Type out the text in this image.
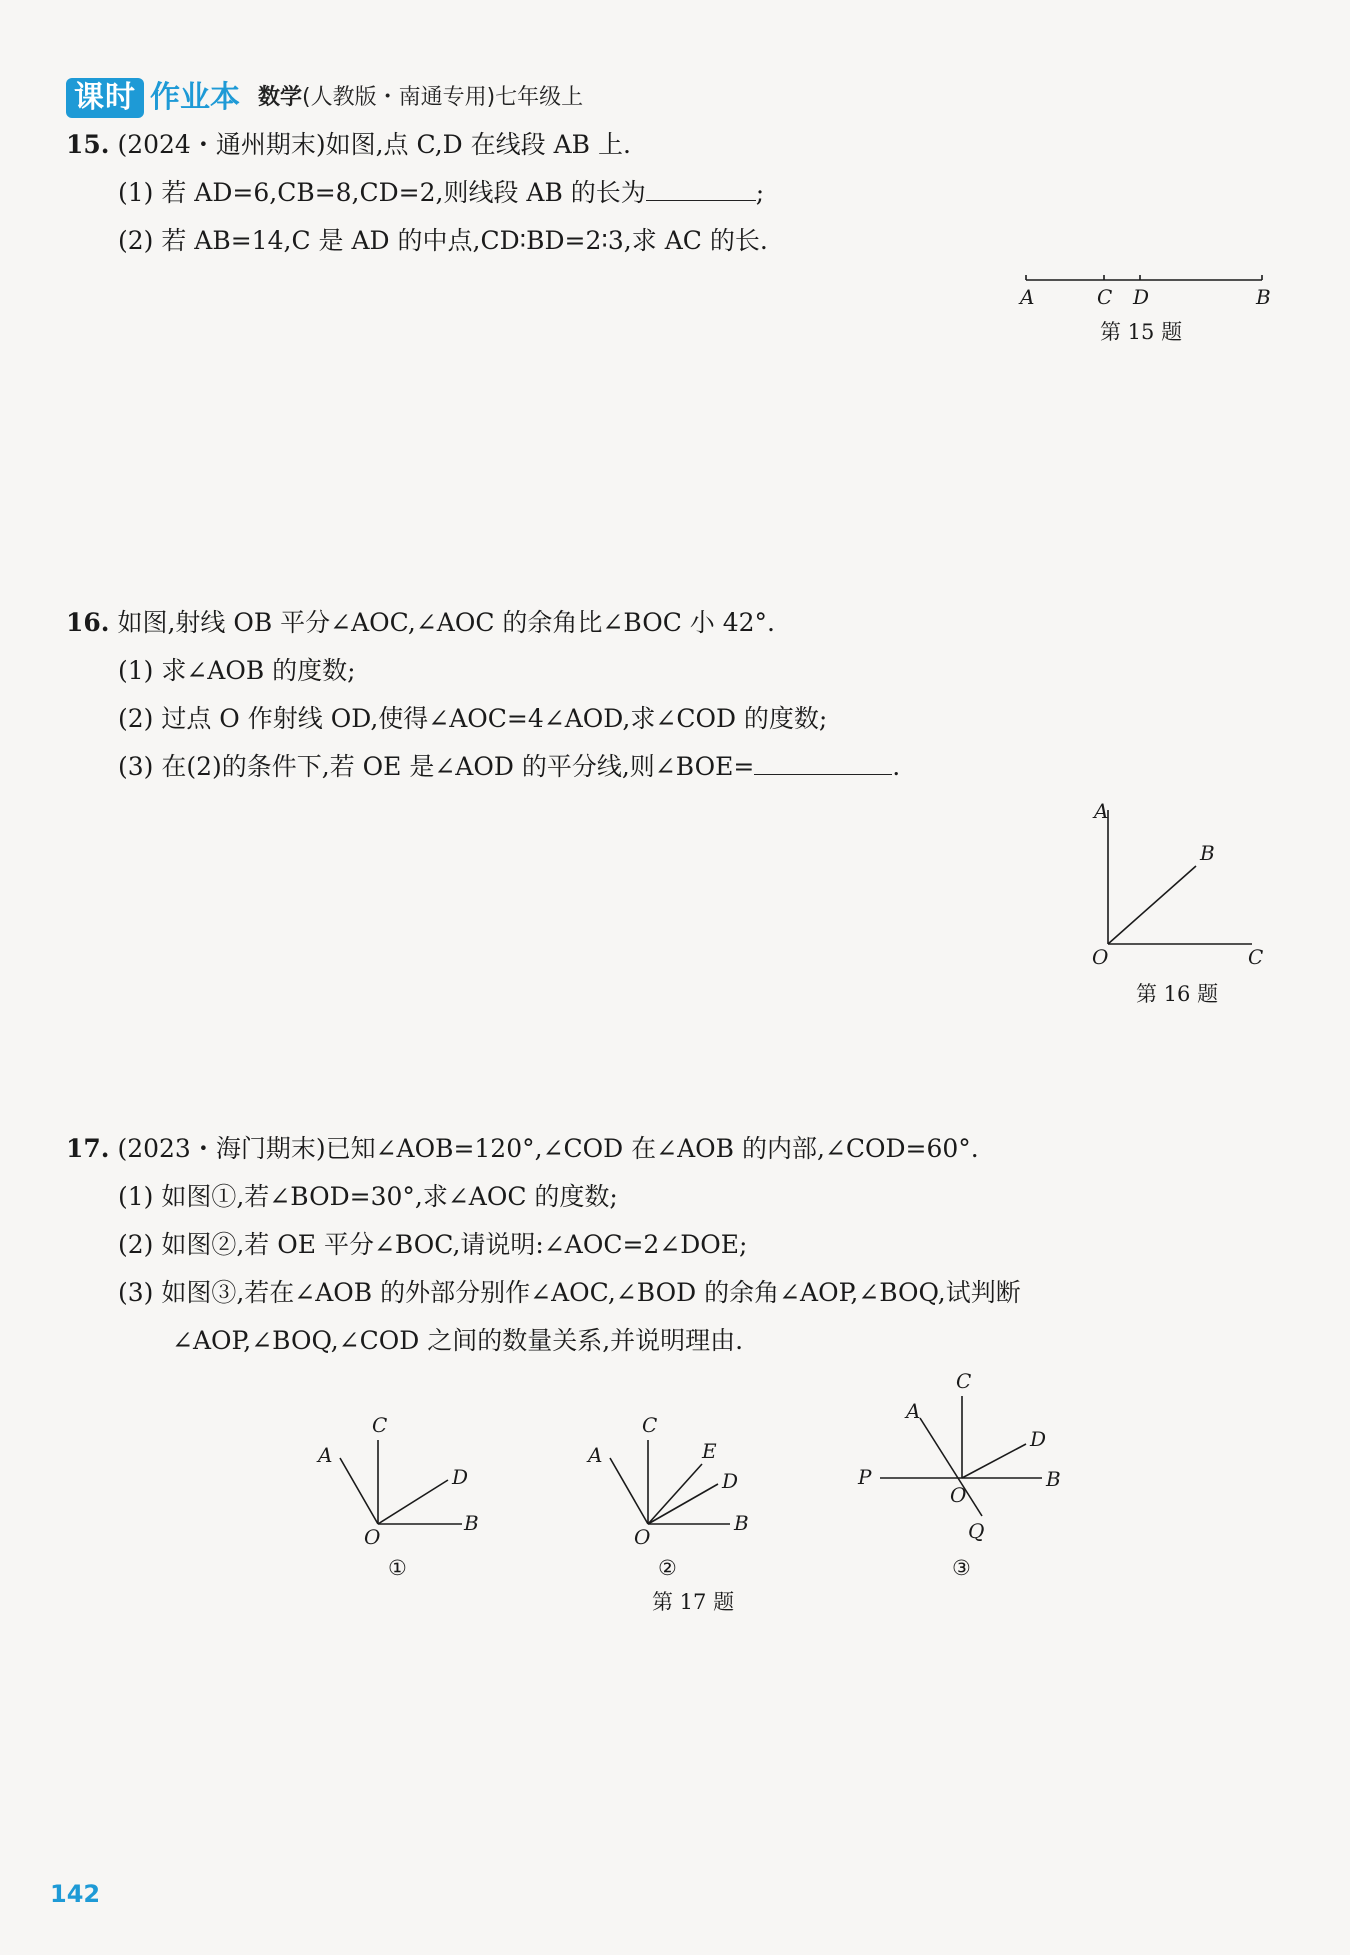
课时 作业本 数学(人教版・南通专用)七年级上
15. (2024・通州期末)如图,点 C,D 在线段 AB 上.
(1) 若 AD=6,CB=8,CD=2,则线段 AB 的长为	;
(2) 若 AB=14,C 是 AD 的中点,CD∶BD=2∶3,求 AC 的长.
A	C D	B
第 15 题
16. 如图,射线 OB 平分∠AOC,∠AOC 的余角比∠BOC 小 42°.
(1) 求∠AOB 的度数;
(2) 过点 O 作射线 OD,使得∠AOC=4∠AOD,求∠COD 的度数;
(3) 在(2)的条件下,若 OE 是∠AOD 的平分线,则∠BOE=	.
A
B
O	C
第 16 题
17. (2023・海门期末)已知∠AOB=120°,∠COD 在∠AOB 的内部,∠COD=60°.
(1) 如图①,若∠BOD=30°,求∠AOC 的度数;
(2) 如图②,若 OE 平分∠BOC,请说明:∠AOC=2∠DOE;
(3) 如图③,若在∠AOB 的外部分别作∠AOC,∠BOD 的余角∠AOP,∠BOQ,试判断
∠AOP,∠BOQ,∠COD 之间的数量关系,并说明理由.
A
C
D
O
B
①
A
C
E
D
O
B
②
A
C
D
P
O
B
Q
③
第 17 题
142
